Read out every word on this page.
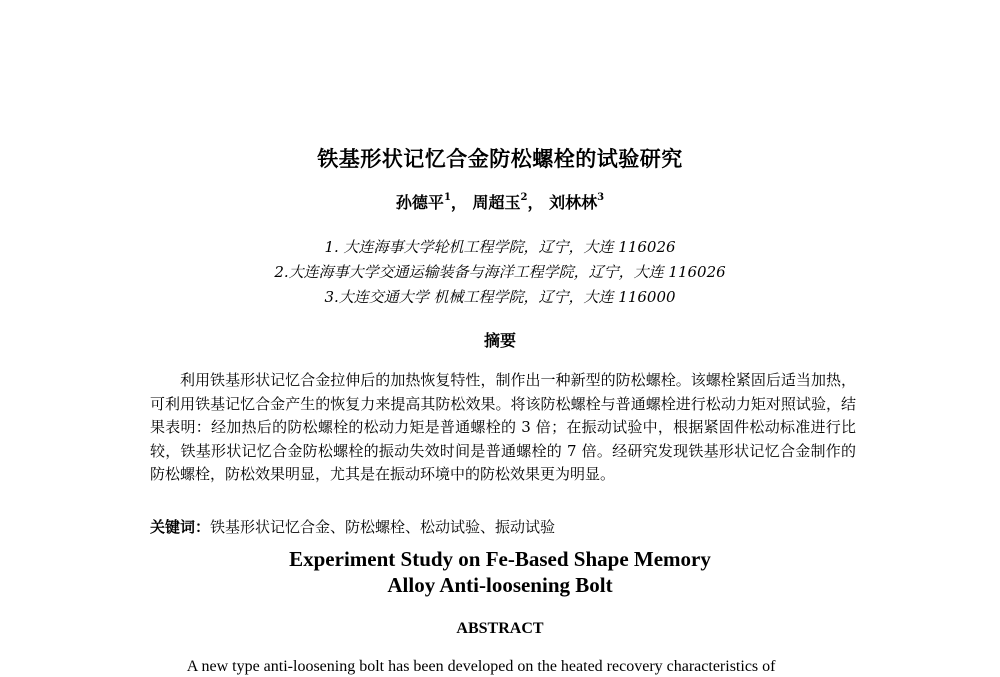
铁基形状记忆合金防松螺栓的试验研究
孙德平$^1$， 周超玉$^2$， 刘林林$^3$
1. 大连海事大学轮机工程学院，辽宁，大连 116026
2.大连海事大学交通运输装备与海洋工程学院，辽宁，大连 116026
3.大连交通大学 机械工程学院，辽宁，大连 116000
摘要
利用铁基形状记忆合金拉伸后的加热恢复特性，制作出一种新型的防松螺栓。该螺栓紧固后适当加热，可利用铁基记忆合金产生的恢复力来提高其防松效果。将该防松螺栓与普通螺栓进行松动力矩对照试验，结果表明：经加热后的防松螺栓的松动力矩是普通螺栓的 3 倍；在振动试验中，根据紧固件松动标准进行比较，铁基形状记忆合金防松螺栓的振动失效时间是普通螺栓的 7 倍。经研究发现铁基形状记忆合金制作的防松螺栓，防松效果明显，尤其是在振动环境中的防松效果更为明显。
关键词：铁基形状记忆合金、防松螺栓、松动试验、振动试验
Experiment Study on Fe-Based Shape Memory
Alloy Anti-loosening Bolt
ABSTRACT
A new type anti-loosening bolt has been developed on the heated recovery characteristics of
